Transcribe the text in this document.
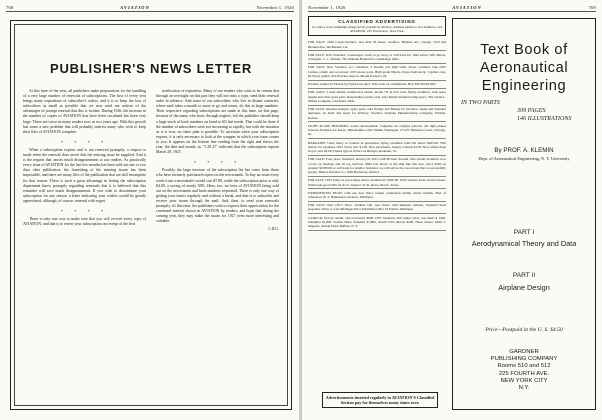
768	AVIATION	November 1, 1926
PUBLISHER'S NEWS LETTER

At this time of the year, all publishers make preparations for the handling of a very large number of renewals of subscriptions. The first of every year brings many expirations of subscriber's orders, and it is to keep the loss of subscribers as small as possible that we now send out notices of the advantages of prompt renewal that this is written. During 1926, the increase in the number of copies of AVIATION that have been circulated has been very large. There are twice as many readers now as two years ago. With this growth has come a new problem that will probably interest many who wish to keep their files of AVIATION complete.

* * * *

When a subscription expires and is not renewed promptly, a request is made when the renewal does arrive that the missing issue be supplied. And it is the request that causes much disappointment to our readers. As practically every issue of AVIATION for the last few months has been sold out one or two days after publication, the furnishing of the missing issues has been impossible, and there are many files of the publication that are still incomplete for that reason. There is such a great advantage in letting the subscription department know promptly regarding renewals that it is believed that this reminder will save much disappointment. If you wish to discontinue your subscription for any reason, a letter indicating your wishes would be greatly appreciated, although, of course, renewal with regret.

* * * *

There is only one way to make sure that you will receive every copy of AVIATION, and that is to renew your subscription on receipt of the first

notification of expiration. Many of our readers who wish to be certain that through an oversight on this part they will not miss a copy, send their renewal order in advance. And some of our subscribers who live in distant countries, where mail takes a month or more to go and return, do this in large numbers. Their respective regarding subscriptions are made at this time, on this page, because of the many who have, through neglect, left the publisher should keep a large stock of back numbers on hand to fill late needs. That could be done if the number of subscribers were not increasing so rapidly, but with the situation as it is now, no other plan is possible. To ascertain when your subscription expires, it is only necessary to look at the wrapper in which your issue comes to you. It appears on the bottom line reading from the right and shows the year, the date and month, as "3 28 27" indicates that the subscription expires March 28, 1927.

* * * *

Possibly the large increase of the subscription list has come from those who have formerly purchased copies on the newsstands. To buy an issue every week from a newsdealer would cost $7.80, while the subscription price is only $4.00, a saving of nearly 50%. Here, too, we hear of AVIATION being sold out on the newsstands and back numbers requested. There is only one way of getting your issues regularly and without a break, and that is to subscribe and receive your issues through the mail. And, then, to send your renewals promptly. At this time, the publishers wish to express their appreciation for the continued interest shown in AVIATION by readers, and hope that during the coming year, they may make the issues for 1927 even more interesting and valuable.

L.D.G.

November 1, 1926	AVIATION	769
CLASSIFIED ADVERTISING
10 cents a word, minimum charge $2.50, payable in advance. Address replies to box numbers, care AVIATION, 225 Fourth Ave., New York.
FOR SALE: 1926 Capps-Swallow, less than 50 hours, sacrifice. Hiemen Arc. Garage, 23rd and Hiemen Ave., Richmond, Cal.
FOR SALE: OX5 Standard, 3-passenger, ready to go away, or will trade for 1926 sedan. Will deliver. A bargain. C. C. Warren, 726 Oakland Boulevard, Cambridge, Ohio.
FOR SALE: New Swallow, A-1 condition, 3 months old, high lamb, motor overhaul. One OX5 Curtiss, rebuilt and recovered. OX5 motor parts. High grade Nitrate, Dope fresh stock, 5 gallon cans, $2.90 per gallon. Pal-Wracker Airport, Mount Prospect, Ill.
Position wanted in Florida by flying boat pilot. Will work on commission. Box 358 AVIATION.
FOR SALE: 2 used Martin commercial planes, model 70, in first class flying condition, with spare engine and other spare parts. Responsible parties only. Also Martin manufacturing space. The Glenn L. Martin Company, Cleveland, Ohio.
FOR SALE: Airplane hangars, spare parts, wire fittings and fittings for Swallow, Jenny and Standard airplanes, on hand and ready for delivery. Swallow Airplane Manufacturing Company, Wichita, Kansas.
LIGHT PLANE BUILDERS: Latest development. Complete set original patterns. All light planes selected National Air Races, Philadelphia. Otto Dahlke Waukegan, 2714½ Hampden Court, Chicago, Ill.
BARGAINS: Used Jenny or Canuck in guaranteed flying condition with OX motor $465.00. Will deliver for expenses. OX5 Swan, new $1.90. New parachutes, Jennys, Canuck $1.95. New nitrate dope in gal. cans $2.00. Fisked type in Write Lee Bridges, Roanoke, Va.
FOR SALE: Four place Standard, motorcycle OX5 with 60 hour Kowall. Has rebuilt Standard, new covers on fuselage and all top surfaces. $600 less motor or the ship like this new, twice $300 on ground; $1000.00 or will trade for smaller Standard, we will sell at the cost except that to successfully people. Hubert Aviation Co. 1026 Broadway, Denver.
FOR SALE: OX5 Jenny in good shape motor overhaul for $500.00. Will consider trade on used motor. With trade good OX5 for $1.5c Answer. W. R. Rowe, Bowie, Texas.
EXPERIENCED PILOT, with one new Waco wishes connection during winter months. Best of references. B. T. Hammond, Oronoco, Michigan.
FOR SALE: New OX-5 Waco. Tunheer belt, new motor with Rumpler radiator, Standard Steel propeller. Write or wire Michigan Waco Distributor. Box 54 Pontiac Michigan.
CANUCK, factory rebuilt, and recovered, $600; OX5 Standard, 200 'tether' prize. See them at 1000. Zaughner $1,800. Sedans Hisso Standard $1,800, rebuilt OX5 motors $200. Hisso motors $400. J. Maguire, Adrian Field, Buffalo, N. Y.
Advertisements inserted regularly in AVIATION'S Classified Section pay for themselves many times over.
Text Book of Aeronautical Engineering
IN TWO PARTS
309 PAGES
146 ILLUSTRATIONS
By PROF. A. KLEMIN
Dept. of Aeronautical Engineering, N. Y. University
PART I
Aerodynamical Theory and Data
PART II
Airplane Design
Price—Postpaid in the U. S. $4.50
GARDNER
PUBLISHING COMPANY
Rooms 510 and 512
225 FOURTH AVE.
NEW YORK CITY
N.Y.
